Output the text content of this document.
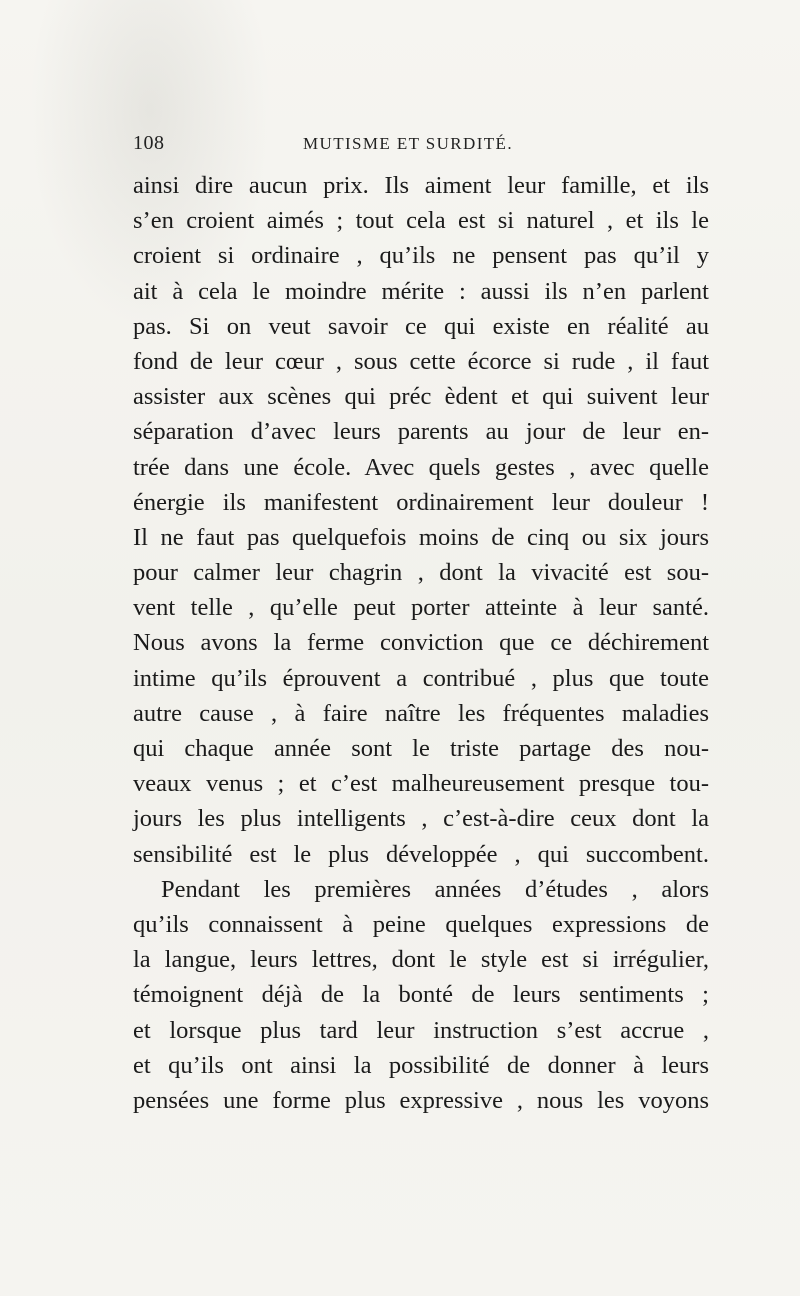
108	MUTISME ET SURDITÉ.
ainsi dire aucun prix. Ils aiment leur famille, et ils
s’en croient aimés ; tout cela est si naturel , et ils le
croient si ordinaire , qu’ils ne pensent pas qu’il y
ait à cela le moindre mérite : aussi ils n’en parlent
pas. Si on veut savoir ce qui existe en réalité au
fond de leur cœur , sous cette écorce si rude , il faut
assister aux scènes qui préc èdent et qui suivent leur
séparation d’avec leurs parents au jour de leur en-
trée dans une école. Avec quels gestes , avec quelle
énergie ils manifestent ordinairement leur douleur !
Il ne faut pas quelquefois moins de cinq ou six jours
pour calmer leur chagrin , dont la vivacité est sou-
vent telle , qu’elle peut porter atteinte à leur santé.
Nous avons la ferme conviction que ce déchirement
intime qu’ils éprouvent a contribué , plus que toute
autre cause , à faire naître les fréquentes maladies
qui chaque année sont le triste partage des nou-
veaux venus ; et c’est malheureusement presque tou-
jours les plus intelligents , c’est-à-dire ceux dont la
sensibilité est le plus développée , qui succombent.
Pendant les premières années d’études , alors
qu’ils connaissent à peine quelques expressions de
la langue, leurs lettres, dont le style est si irrégulier,
témoignent déjà de la bonté de leurs sentiments ;
et lorsque plus tard leur instruction s’est accrue ,
et qu’ils ont ainsi la possibilité de donner à leurs
pensées une forme plus expressive , nous les voyons
